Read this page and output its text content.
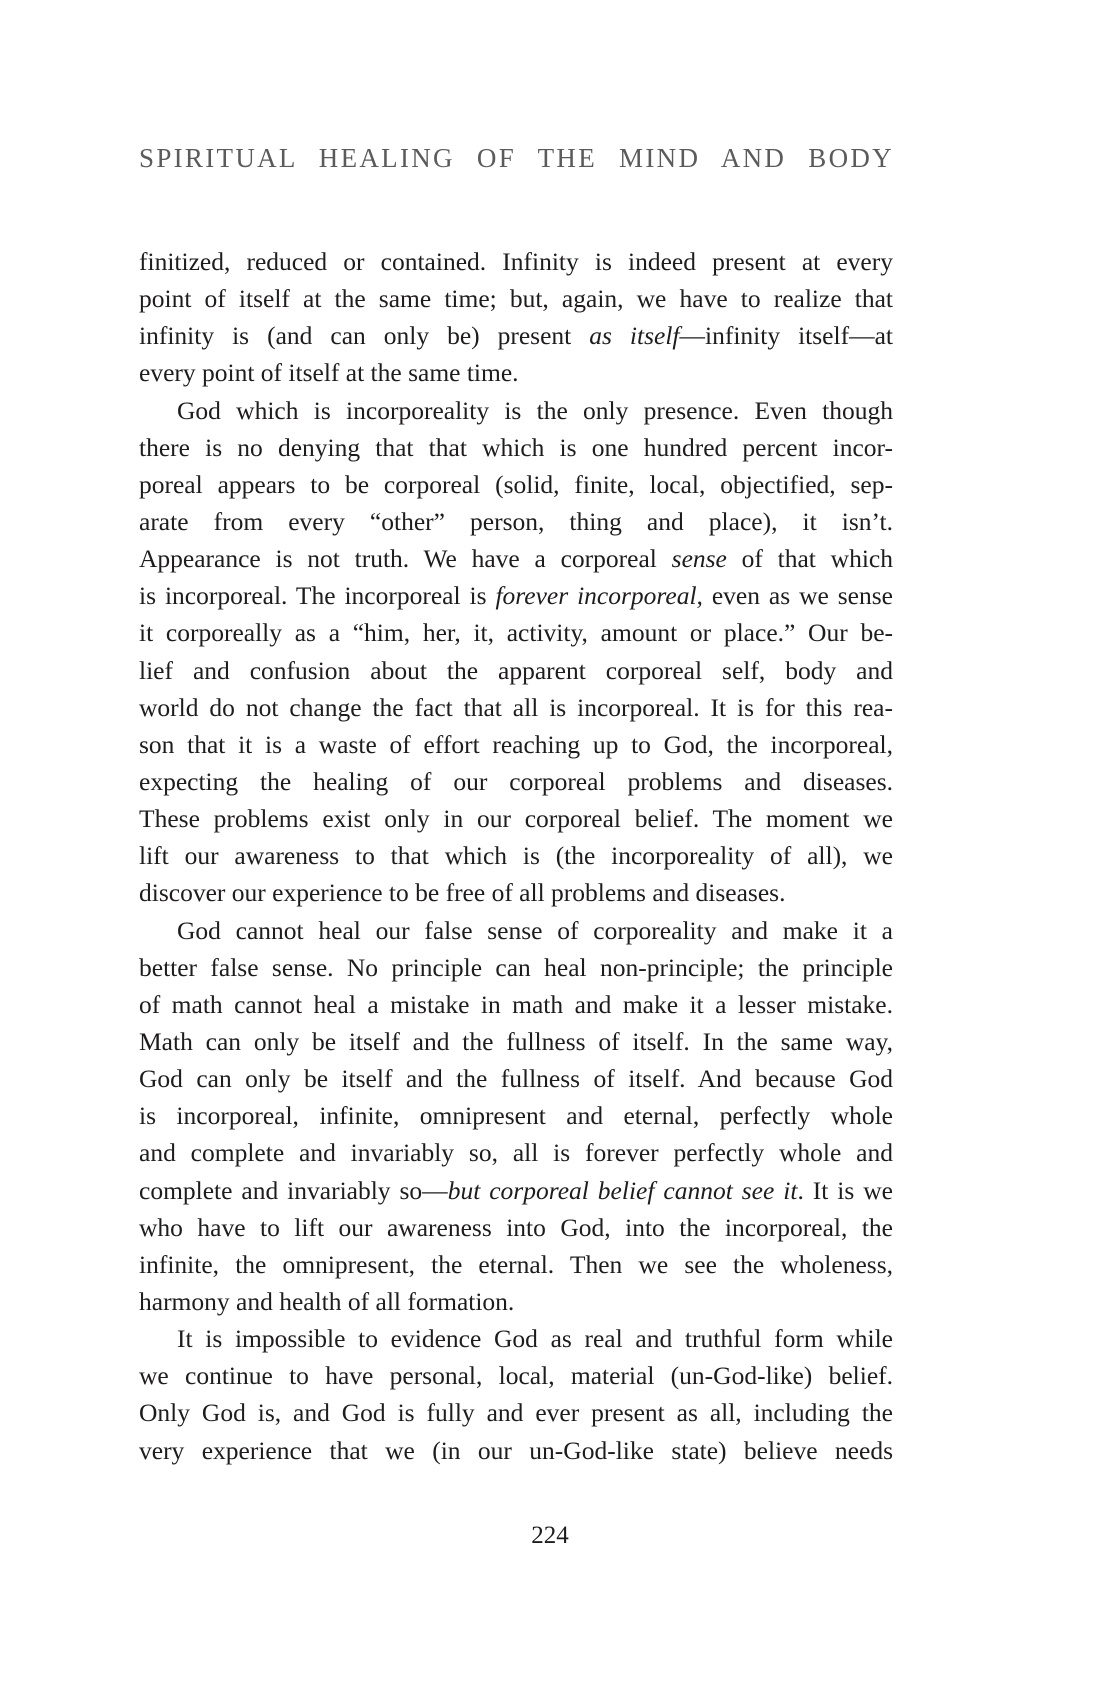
SPIRITUAL HEALING OF THE MIND AND BODY
finitized, reduced or contained. Infinity is indeed present at every
point of itself at the same time; but, again, we have to realize that
infinity is (and can only be) present as itself—infinity itself—at
every point of itself at the same time.
God which is incorporeality is the only presence. Even though
there is no denying that that which is one hundred percent incor-
poreal appears to be corporeal (solid, finite, local, objectified, sep-
arate from every “other” person, thing and place), it isn’t.
Appearance is not truth. We have a corporeal sense of that which
is incorporeal. The incorporeal is forever incorporeal, even as we sense
it corporeally as a “him, her, it, activity, amount or place.” Our be-
lief and confusion about the apparent corporeal self, body and
world do not change the fact that all is incorporeal. It is for this rea-
son that it is a waste of effort reaching up to God, the incorporeal,
expecting the healing of our corporeal problems and diseases.
These problems exist only in our corporeal belief. The moment we
lift our awareness to that which is (the incorporeality of all), we
discover our experience to be free of all problems and diseases.
God cannot heal our false sense of corporeality and make it a
better false sense. No principle can heal non-principle; the principle
of math cannot heal a mistake in math and make it a lesser mistake.
Math can only be itself and the fullness of itself. In the same way,
God can only be itself and the fullness of itself. And because God
is incorporeal, infinite, omnipresent and eternal, perfectly whole
and complete and invariably so, all is forever perfectly whole and
complete and invariably so—but corporeal belief cannot see it. It is we
who have to lift our awareness into God, into the incorporeal, the
infinite, the omnipresent, the eternal. Then we see the wholeness,
harmony and health of all formation.
It is impossible to evidence God as real and truthful form while
we continue to have personal, local, material (un-God-like) belief.
Only God is, and God is fully and ever present as all, including the
very experience that we (in our un-God-like state) believe needs
224
